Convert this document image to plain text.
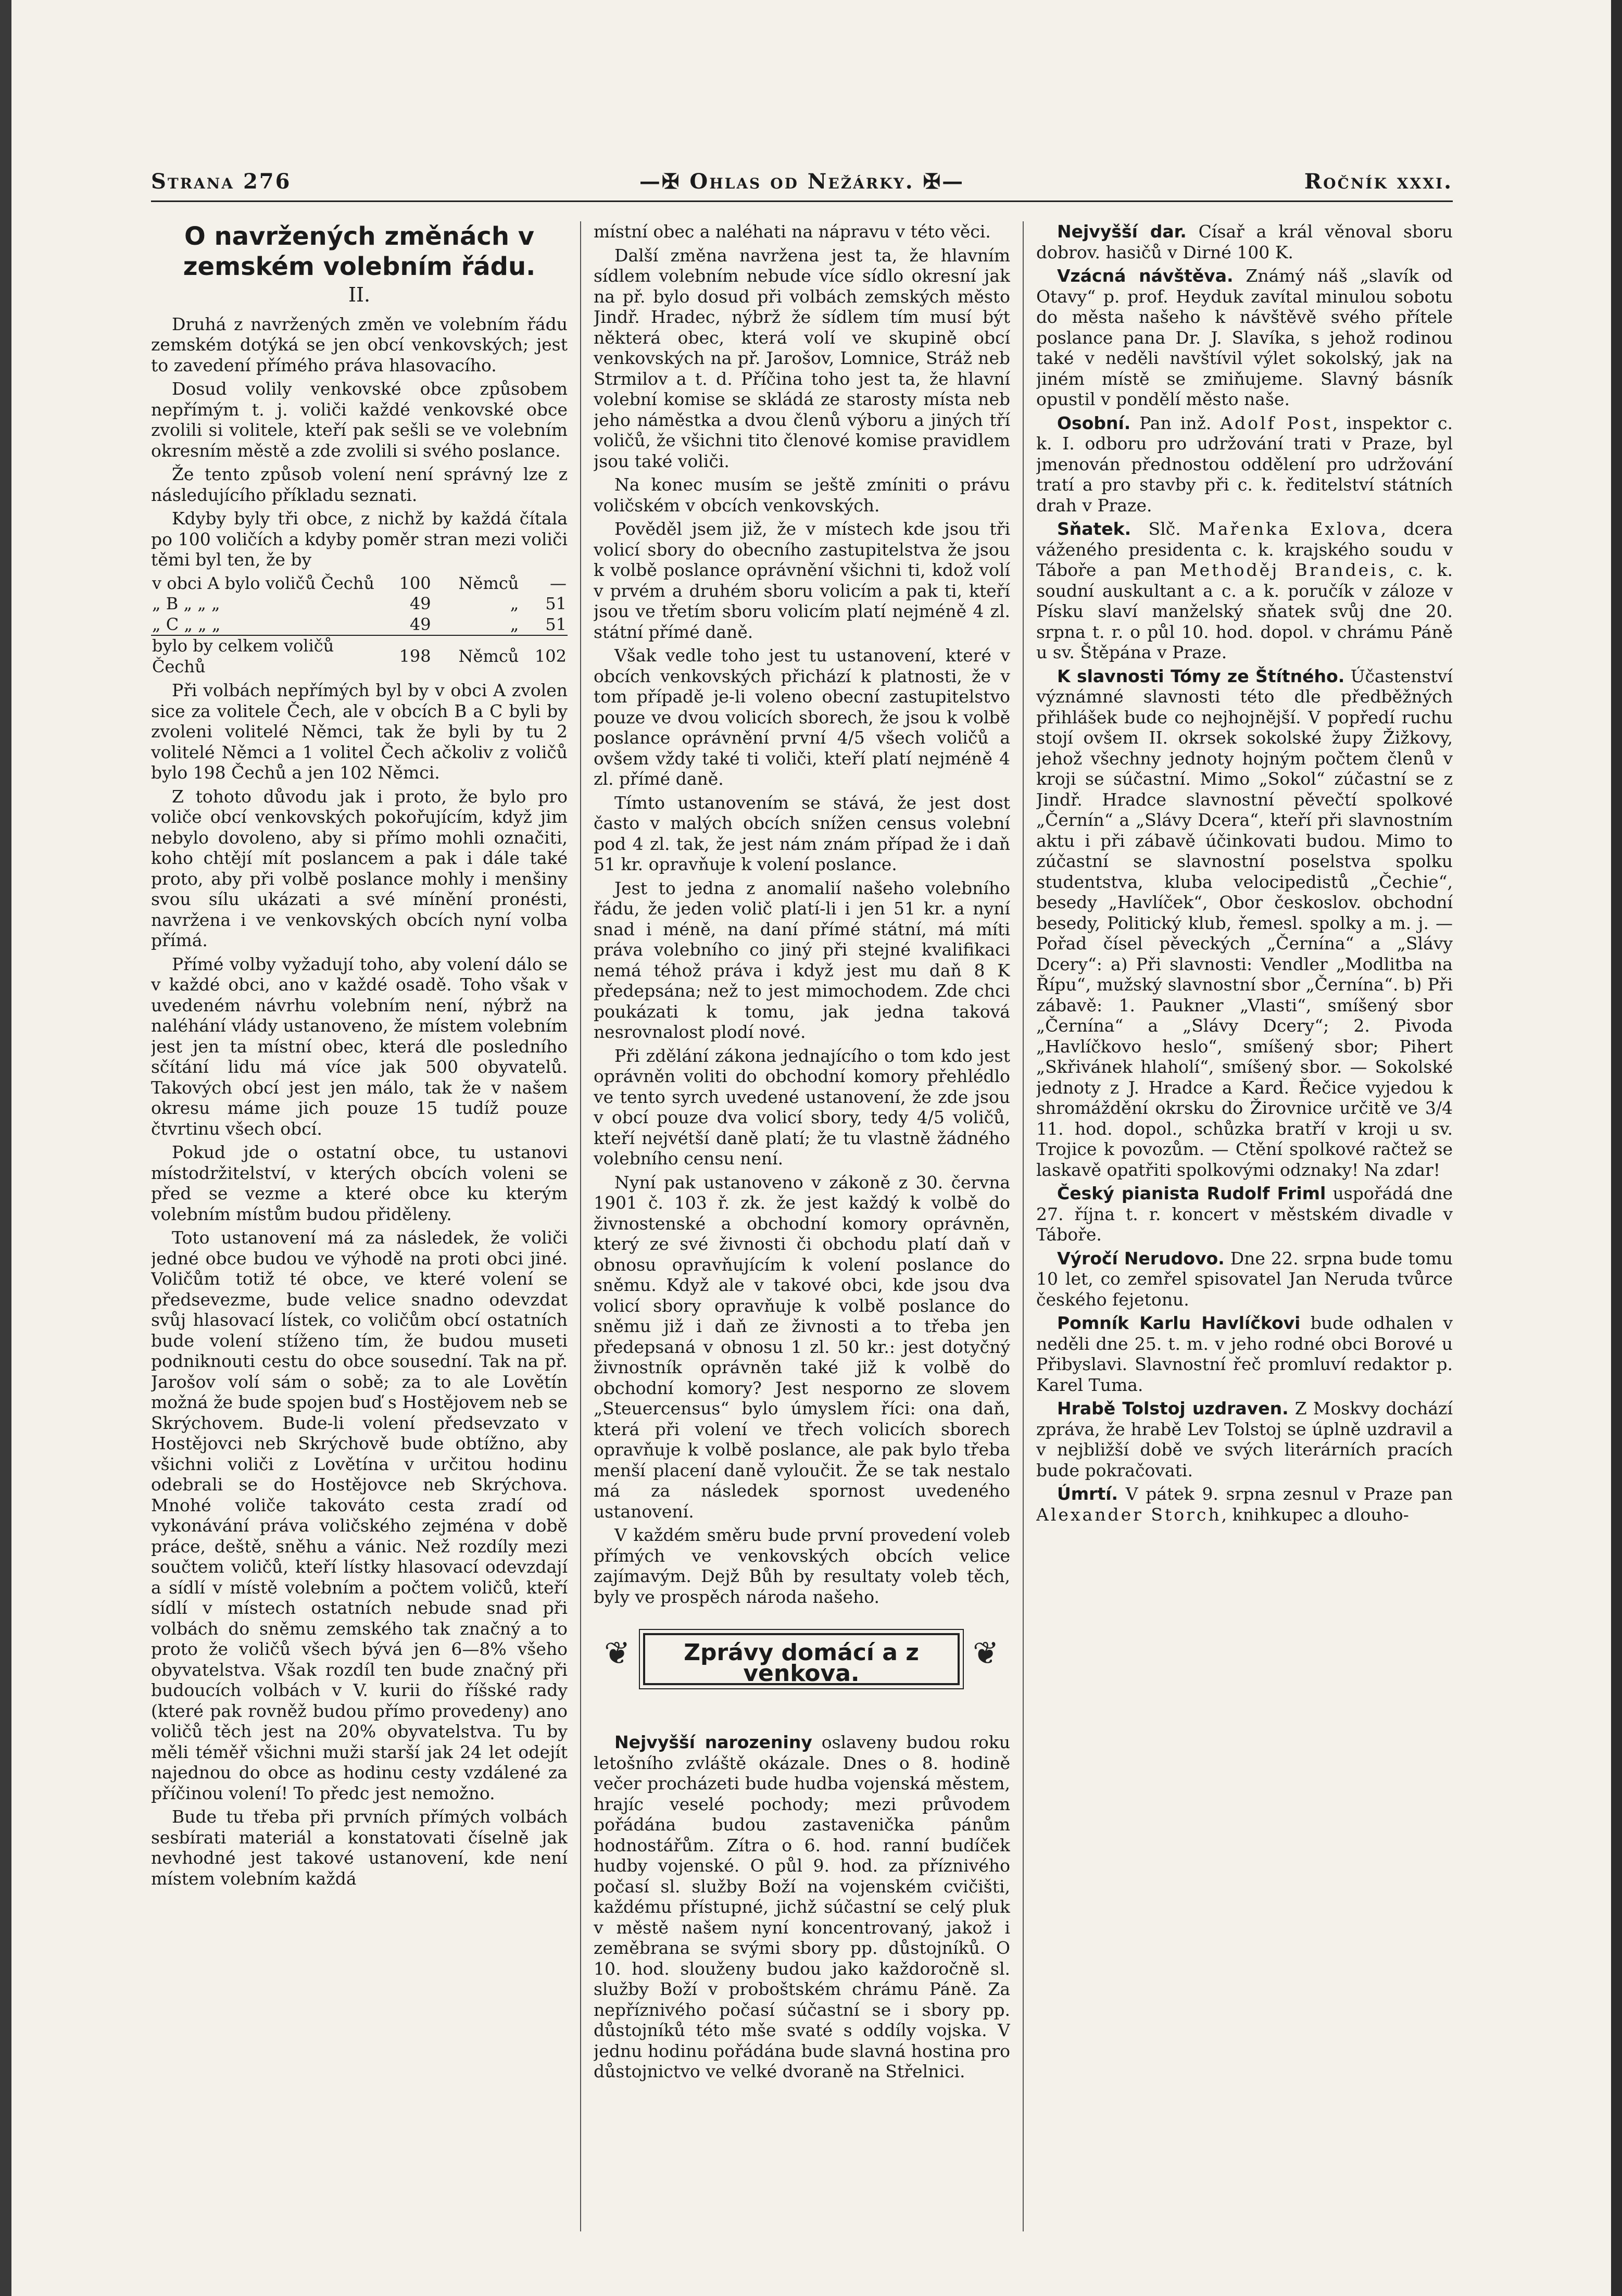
Strana 276	—✠ Ohlas od Nežárky. ✠—	Ročník xxxi.
O navržených změnách v zemském volebním řádu.
II.

Druhá z navržených změn ve volebním řádu zemském dotýká se jen obcí venkovských; jest to zavedení přímého práva hlasovacího.

Dosud volily venkovské obce způsobem nepřímým t. j. voliči každé venkovské obce zvolili si volitele, kteří pak sešli se ve volebním okresním městě a zde zvolili si svého poslance.

Že tento způsob volení není správný lze z následujícího příkladu seznati.

Kdyby byly tři obce, z nichž by každá čítala po 100 voličích a kdyby poměr stran mezi voliči těmi byl ten, že by

v obci A bylo voličů Čechů	100	Němců	—
„ B „ „ „	49	„	51
„ C „ „ „	49	„	51
bylo by celkem voličů Čechů	198	Němců	102

Při volbách nepřímých byl by v obci A zvolen sice za volitele Čech, ale v obcích B a C byli by zvoleni volitelé Němci, tak že byli by tu 2 volitelé Němci a 1 volitel Čech ačkoliv z voličů bylo 198 Čechů a jen 102 Němci.

Z tohoto důvodu jak i proto, že bylo pro voliče obcí venkovských pokořujícím, když jim nebylo dovoleno, aby si přímo mohli označiti, koho chtějí mít poslancem a pak i dále také proto, aby při volbě poslance mohly i menšiny svou sílu ukázati a své mínění pronésti, navržena i ve venkovských obcích nyní volba přímá.

Přímé volby vyžadují toho, aby volení dálo se v každé obci, ano v každé osadě. Toho však v uvedeném návrhu volebním není, nýbrž na naléhání vlády ustanoveno, že místem volebním jest jen ta místní obec, která dle posledního sčítání lidu má více jak 500 obyvatelů. Takových obcí jest jen málo, tak že v našem okresu máme jich pouze 15 tudíž pouze čtvrtinu všech obcí.

Pokud jde o ostatní obce, tu ustanovi místodržitelství, v kterých obcích voleni se před se vezme a které obce ku kterým volebním místům budou přiděleny.

Toto ustanovení má za následek, že voliči jedné obce budou ve výhodě na proti obci jiné. Voličům totiž té obce, ve které volení se předsevezme, bude velice snadno odevzdat svůj hlasovací lístek, co voličům obcí ostatních bude volení stíženo tím, že budou museti podniknouti cestu do obce sousední. Tak na př. Jarošov volí sám o sobě; za to ale Lovětín možná že bude spojen buď s Hostějovem neb se Skrýchovem. Bude-li volení předsevzato v Hostějovci neb Skrýchově bude obtížno, aby všichni voliči z Lovětína v určitou hodinu odebrali se do Hostějovce neb Skrýchova. Mnohé voliče takováto cesta zradí od vykonávání práva voličského zejména v době práce, deště, sněhu a vánic. Než rozdíly mezi součtem voličů, kteří lístky hlasovací odevzdají a sídlí v místě volebním a počtem voličů, kteří sídlí v místech ostatních nebude snad při volbách do sněmu zemského tak značný a to proto že voličů všech bývá jen 6—8% všeho obyvatelstva. Však rozdíl ten bude značný při budoucích volbách v V. kurii do říšské rady (které pak rovněž budou přímo provedeny) ano voličů těch jest na 20% obyvatelstva. Tu by měli téměř všichni muži starší jak 24 let odejít najednou do obce as hodinu cesty vzdálené za příčinou volení! To předc jest nemožno.

Bude tu třeba při prvních přímých volbách sesbírati materiál a konstatovati číselně jak nevhodné jest takové ustanovení, kde není místem volebním každá

místní obec a naléhati na nápravu v této věci.

Další změna navržena jest ta, že hlavním sídlem volebním nebude více sídlo okresní jak na př. bylo dosud při volbách zemských město Jindř. Hradec, nýbrž že sídlem tím musí být některá obec, která volí ve skupině obcí venkovských na př. Jarošov, Lomnice, Stráž neb Strmilov a t. d. Příčina toho jest ta, že hlavní volební komise se skládá ze starosty místa neb jeho náměstka a dvou členů výboru a jiných tří voličů, že všichni tito členové komise pravidlem jsou také voliči.

Na konec musím se ještě zmíniti o právu voličském v obcích venkovských.

Pověděl jsem již, že v místech kde jsou tři volicí sbory do obecního zastupitelstva že jsou k volbě poslance oprávnění všichni ti, kdož volí v prvém a druhém sboru volicím a pak ti, kteří jsou ve třetím sboru volicím platí nejméně 4 zl. státní přímé daně.

Však vedle toho jest tu ustanovení, které v obcích venkovských přichází k platnosti, že v tom případě je-li voleno obecní zastupitelstvo pouze ve dvou volicích sborech, že jsou k volbě poslance oprávnění první 4/5 všech voličů a ovšem vždy také ti voliči, kteří platí nejméně 4 zl. přímé daně.

Tímto ustanovením se stává, že jest dost často v malých obcích snížen census volební pod 4 zl. tak, že jest nám znám případ že i daň 51 kr. opravňuje k volení poslance.

Jest to jedna z anomalií našeho volebního řádu, že jeden volič platí-li i jen 51 kr. a nyní snad i méně, na daní přímé státní, má míti práva volebního co jiný při stejné kvalifikaci nemá téhož práva i když jest mu daň 8 K předepsána; než to jest mimochodem. Zde chci poukázati k tomu, jak jedna taková nesrovnalost plodí nové.

Při zdělání zákona jednajícího o tom kdo jest oprávněn voliti do obchodní komory přehlédlo ve tento syrch uvedené ustanovení, že zde jsou v obcí pouze dva volicí sbory, tedy 4/5 voličů, kteří nejvétší daně platí; že tu vlastně žádného volebního censu není.

Nyní pak ustanoveno v zákoně z 30. června 1901 č. 103 ř. zk. že jest každý k volbě do živnostenské a obchodní komory oprávněn, který ze své živnosti či obchodu platí daň v obnosu opravňujícím k volení poslance do sněmu. Když ale v takové obci, kde jsou dva volicí sbory opravňuje k volbě poslance do sněmu již i daň ze živnosti a to třeba jen předepsaná v obnosu 1 zl. 50 kr.: jest dotyčný živnostník oprávněn také již k volbě do obchodní komory? Jest nesporno ze slovem „Steuercensus“ bylo úmyslem říci: ona daň, která při volení ve třech volicích sborech opravňuje k volbě poslance, ale pak bylo třeba menší placení daně vyloučit. Že se tak nestalo má za následek spornost uvedeného ustanovení.

V každém směru bude první provedení voleb přímých ve venkovských obcích velice zajímavým. Dejž Bůh by resultaty voleb těch, byly ve prospěch národa našeho.

❦	Zprávy domácí a z venkova.
❦

Nejvyšší narozeniny oslaveny budou roku letošního zvláště okázale. Dnes o 8. hodině večer procházeti bude hudba vojenská městem, hrajíc veselé pochody; mezi průvodem pořádána budou zastavenička pánům hodnostářům. Zítra o 6. hod. ranní budíček hudby vojenské. O půl 9. hod. za příznivého počasí sl. služby Boží na vojenském cvičišti, každému přístupné, jichž súčastní se celý pluk v městě našem nyní koncentrovaný, jakož i zeměbrana se svými sbory pp. důstojníků. O 10. hod. slouženy budou jako každoročně sl. služby Boží v proboštském chrámu Páně. Za nepříznivého počasí súčastní se i sbory pp. důstojníků této mše svaté s oddíly vojska. V jednu hodinu pořádána bude slavná hostina pro důstojnictvo ve velké dvoraně na Střelnici.

Nejvyšší dar. Císař a král věnoval sboru dobrov. hasičů v Dirné 100 K.

Vzácná návštěva. Známý náš „slavík od Otavy“ p. prof. Heyduk zavítal minulou sobotu do města našeho k návštěvě svého přítele poslance pana Dr. J. Slavíka, s jehož rodinou také v neděli navštívil výlet sokolský, jak na jiném místě se zmiňujeme. Slavný básník opustil v pondělí město naše.

Osobní. Pan inž. Adolf Post, inspektor c. k. I. odboru pro udržování trati v Praze, byl jmenován přednostou oddělení pro udržování tratí a pro stavby při c. k. ředitelství státních drah v Praze.

Sňatek. Slč. Mařenka Exlova, dcera váženého presidenta c. k. krajského soudu v Táboře a pan Methoděj Brandeis, c. k. soudní auskultant a c. a k. poručík v záloze v Písku slaví manželský sňatek svůj dne 20. srpna t. r. o půl 10. hod. dopol. v chrámu Páně u sv. Štěpána v Praze.

K slavnosti Tómy ze Štítného. Účastenství význámné slavnosti této dle předběžných přihlášek bude co nejhojnější. V popředí ruchu stojí ovšem II. okrsek sokolské župy Žižkovy, jehož všechny jednoty hojným počtem členů v kroji se súčastní. Mimo „Sokol“ zúčastní se z Jindř. Hradce slavnostní pěvečtí spolkové „Černín“ a „Slávy Dcera“, kteří při slavnostním aktu i při zábavě účinkovati budou. Mimo to zúčastní se slavnostní poselstva spolku studentstva, kluba velocipedistů „Čechie“, besedy „Havlíček“, Obor českoslov. obchodní besedy, Politický klub, řemesl. spolky a m. j. — Pořad čísel pěveckých „Černína“ a „Slávy Dcery“: a) Při slavnosti: Vendler „Modlitba na Řípu“, mužský slavnostní sbor „Černína“. b) Při zábavě: 1. Paukner „Vlasti“, smíšený sbor „Černína“ a „Slávy Dcery“; 2. Pivoda „Havlíčkovo heslo“, smíšený sbor; Pihert „Skřivánek hlaholí“, smíšený sbor. — Sokolské jednoty z J. Hradce a Kard. Řečice vyjedou k shromáždění okrsku do Žirovnice určitě ve 3/4 11. hod. dopol., schůzka bratří v kroji u sv. Trojice k povozům. — Ctění spolkové račtež se laskavě opatřiti spolkovými odznaky! Na zdar!

Český pianista Rudolf Friml uspořádá dne 27. října t. r. koncert v městském divadle v Táboře.

Výročí Nerudovo. Dne 22. srpna bude tomu 10 let, co zemřel spisovatel Jan Neruda tvůrce českého fejetonu.

Pomník Karlu Havlíčkovi bude odhalen v neděli dne 25. t. m. v jeho rodné obci Borové u Přibyslavi. Slavnostní řeč promluví redaktor p. Karel Tuma.

Hrabě Tolstoj uzdraven. Z Moskvy dochází zpráva, že hrabě Lev Tolstoj se úplně uzdravil a v nejbližší době ve svých literárních pracích bude pokračovati.

Úmrtí. V pátek 9. srpna zesnul v Praze pan Alexander Storch, knihkupec a dlouho-
